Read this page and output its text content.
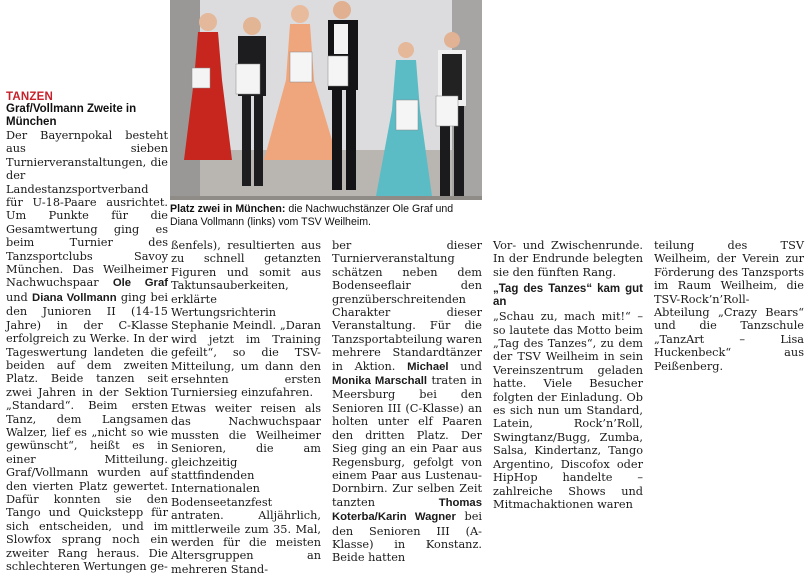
Platz zwei in München: die Nachwuchstänzer Ole Graf und Diana Vollmann (links) vom TSV Weilheim.
TANZEN
Graf/Vollmann Zweite in München

Der Bayernpokal besteht aus sieben Turnierveranstaltungen, die der Landestanzsportverband für U-18-Paare ausrichtet. Um Punkte für die Gesamtwertung ging es beim Turnier des Tanzsportclubs Savoy München. Das Weilheimer Nachwuchspaar Ole Graf und Diana Vollmann ging bei den Junioren II (14-15 Jahre) in der C-Klasse erfolgreich zu Werke. In der Tageswertung landeten die beiden auf dem zweiten Platz. Beide tanzen seit zwei Jahren in der Sektion „Standard“. Beim ersten Tanz, dem Langsamen Walzer, lief es „nicht so wie gewünscht“, heißt es in einer Mitteilung. Graf/Vollmann wurden auf den vierten Platz gewertet. Dafür konnten sie den Tango und Quickstepp für sich entscheiden, und im Slowfox sprang noch ein zweiter Rang heraus. Die schlechteren Wertungen ge-

ßenfels), resultierten aus zu schnell getanzten Figuren und somit aus Taktunsauberkeiten, erklärte Wertungsrichterin Stephanie Meindl. „Daran wird jetzt im Training gefeilt“, so die TSV-Mitteilung, um dann den ersehnten ersten Turniersieg einzufahren.

Etwas weiter reisen als das Nachwuchspaar mussten die Weilheimer Senioren, die am gleichzeitig stattfindenden Internationalen Bodenseetanzfest antraten. Alljährlich, mittlerweile zum 35. Mal, werden für die meisten Altersgruppen an mehreren Stand-

ber dieser Turnierveranstaltung schätzen neben dem Bodenseeflair den grenzüberschreitenden Charakter dieser Veranstaltung. Für die Tanzsportabteilung waren mehrere Standardtänzer in Aktion. Michael und Monika Marschall traten in Meersburg bei den Senioren III (C-Klasse) an holten unter elf Paaren den dritten Platz. Der Sieg ging an ein Paar aus Regensburg, gefolgt von einem Paar aus Lustenau-Dornbirn. Zur selben Zeit tanzten Thomas Koterba/Karin Wagner bei den Senioren III (A-Klasse) in Konstanz. Beide hatten

Vor- und Zwischenrunde. In der Endrunde belegten sie den fünften Rang.

„Tag des Tanzes“ kam gut an

„Schau zu, mach mit!“ – so lautete das Motto beim „Tag des Tanzes“, zu dem der TSV Weilheim in sein Vereinszentrum geladen hatte. Viele Besucher folgten der Einladung. Ob es sich nun um Standard, Latein, Rock’n’Roll, Swingtanz/Bugg, Zumba, Salsa, Kindertanz, Tango Argentino, Discofox oder HipHop handelte – zahlreiche Shows und Mitmachaktionen waren

teilung des TSV Weilheim, der Verein zur Förderung des Tanzsports im Raum Weilheim, die TSV-Rock’n’Roll-Abteilung „Crazy Bears“ und die Tanzschule „TanzArt – Lisa Huckenbeck“ aus Peißenberg.
